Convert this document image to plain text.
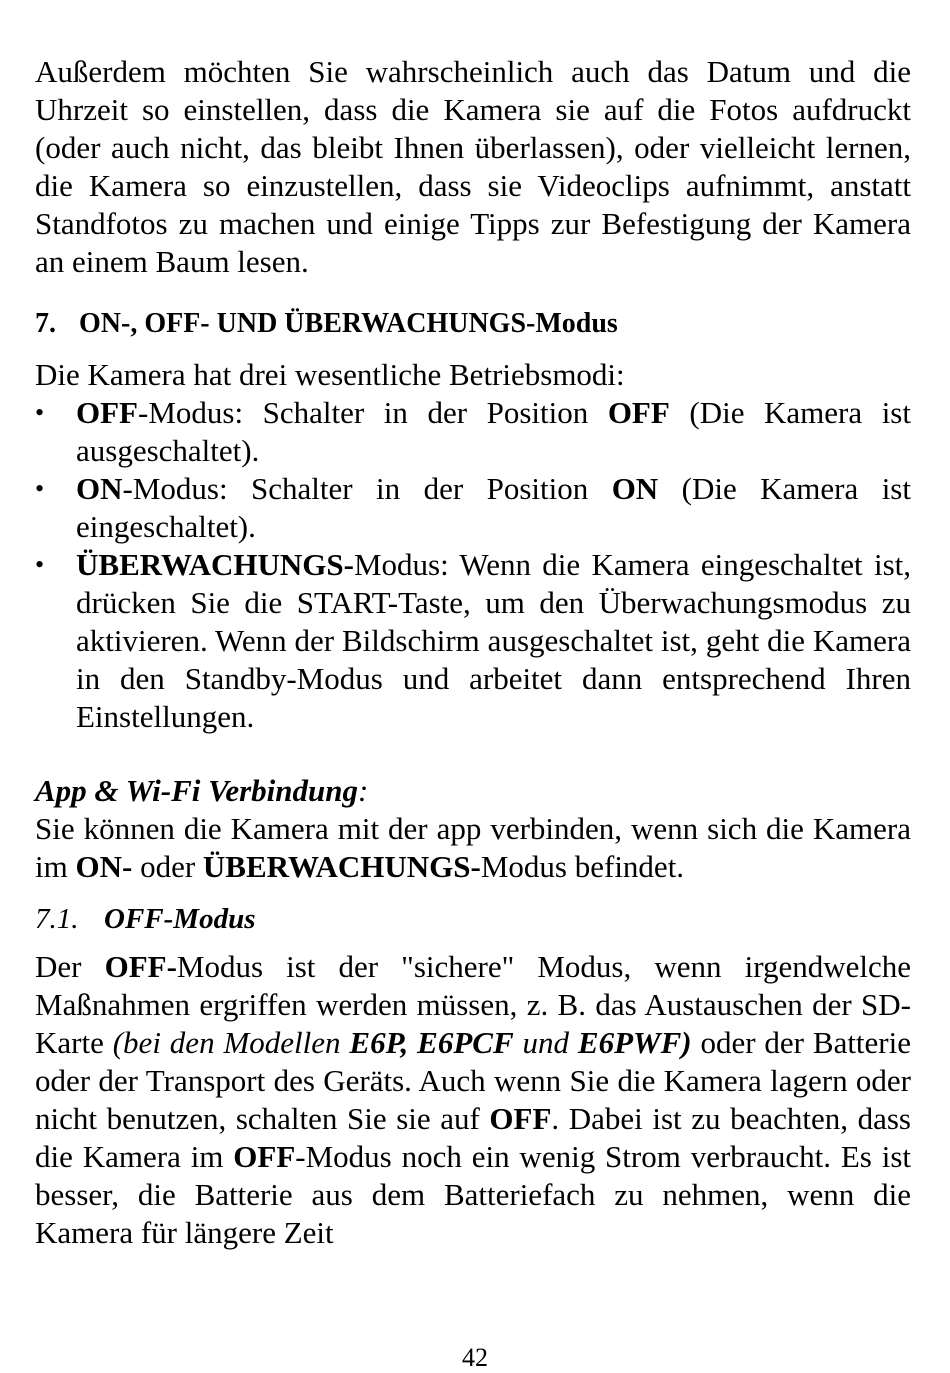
Außerdem möchten Sie wahrscheinlich auch das Datum und die Uhrzeit so einstellen, dass die Kamera sie auf die Fotos aufdruckt (oder auch nicht, das bleibt Ihnen überlassen), oder vielleicht lernen, die Kamera so einzustellen, dass sie Videoclips aufnimmt, anstatt Standfotos zu machen und einige Tipps zur Befestigung der Kamera an einem Baum lesen.

7. ON-, OFF- UND ÜBERWACHUNGS-Modus

Die Kamera hat drei wesentliche Betriebsmodi:

• OFF-Modus: Schalter in der Position OFF (Die Kamera ist ausgeschaltet).

• ON-Modus: Schalter in der Position ON (Die Kamera ist eingeschaltet).

• ÜBERWACHUNGS-Modus: Wenn die Kamera eingeschaltet ist, drücken Sie die START-Taste, um den Überwachungsmodus zu aktivieren. Wenn der Bildschirm ausgeschaltet ist, geht die Kamera in den Standby-Modus und arbeitet dann entsprechend Ihren Einstellungen.

App & Wi-Fi Verbindung:

Sie können die Kamera mit der app verbinden, wenn sich die Kamera im ON- oder ÜBERWACHUNGS-Modus befindet.

7.1. OFF-Modus

Der OFF-Modus ist der "sichere" Modus, wenn irgendwelche Maßnahmen ergriffen werden müssen, z. B. das Austauschen der SD-Karte (bei den Modellen E6P, E6PCF und E6PWF) oder der Batterie oder der Transport des Geräts. Auch wenn Sie die Kamera lagern oder nicht benutzen, schalten Sie sie auf OFF. Dabei ist zu beachten, dass die Kamera im OFF-Modus noch ein wenig Strom verbraucht. Es ist besser, die Batterie aus dem Batteriefach zu nehmen, wenn die Kamera für längere Zeit

42
